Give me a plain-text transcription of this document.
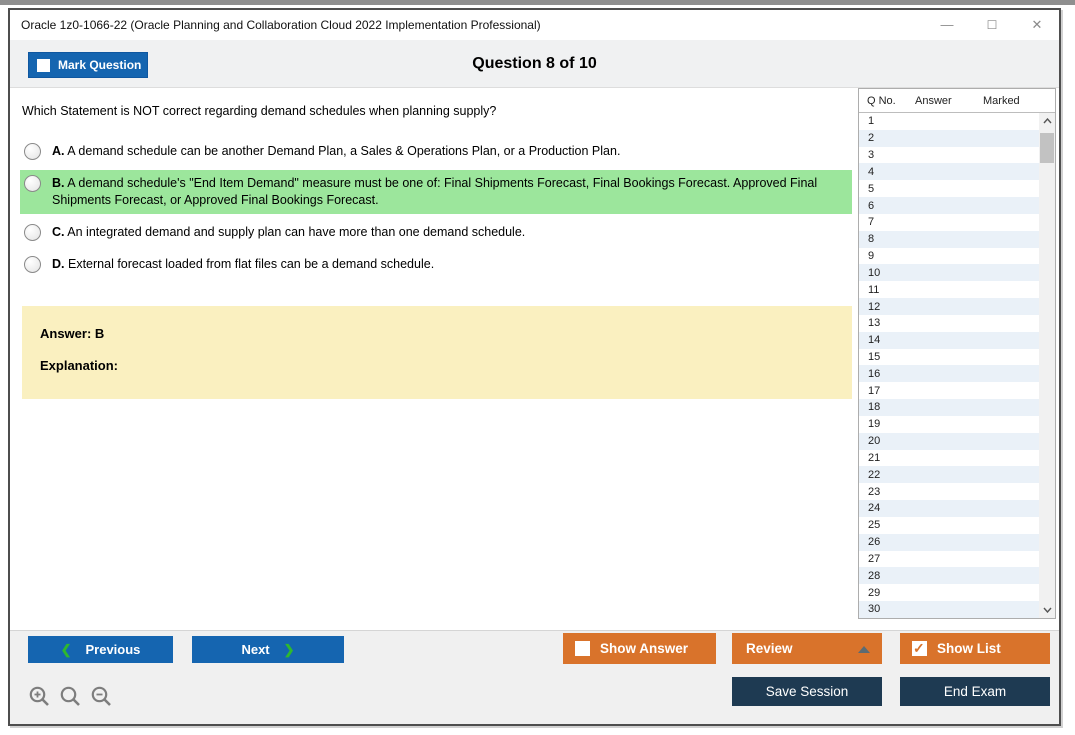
Oracle 1z0-1066-22 (Oracle Planning and Collaboration Cloud 2022 Implementation Professional)	—	☐	✕
Mark Question	Question 8 of 10
Which Statement is NOT correct regarding demand schedules when planning supply?
A. A demand schedule can be another Demand Plan, a Sales & Operations Plan, or a Production Plan.
B. A demand schedule's "End Item Demand" measure must be one of: Final Shipments Forecast, Final Bookings Forecast. Approved Final Shipments Forecast, or Approved Final Bookings Forecast.
C. An integrated demand and supply plan can have more than one demand schedule.
D. External forecast loaded from flat files can be a demand schedule.
Answer: B
Explanation:
Q No.	Answer	Marked
1
2
3
4
5
6
7
8
9
10
11
12
13
14
15
16
17
18
19
20
21
22
23
24
25
26
27
28
29
30
❮ Previous	Next ❯	Show Answer	Review ✓	Show List
Save Session	End Exam
